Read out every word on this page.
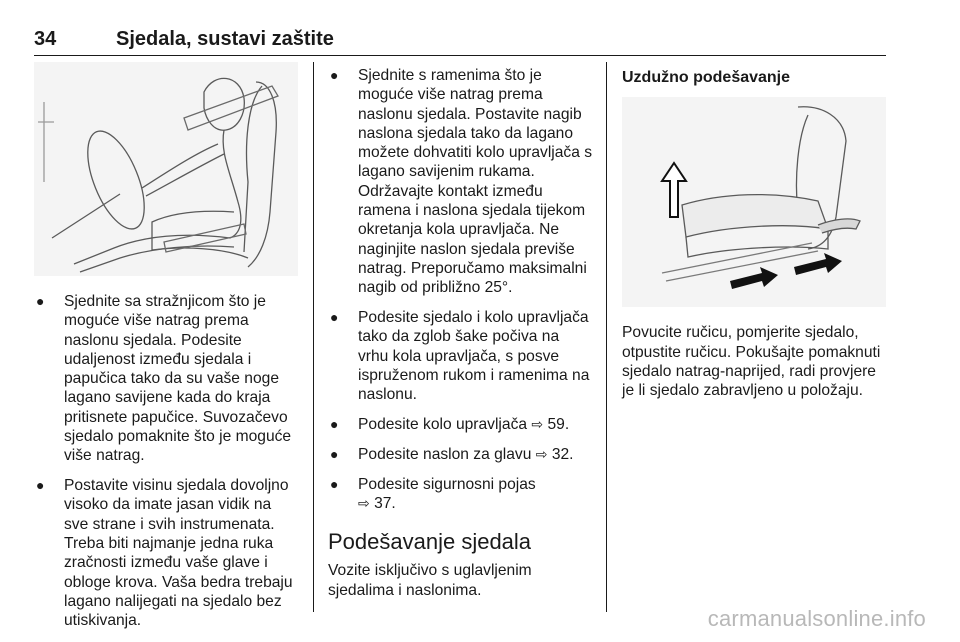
34	Sjedala, sustavi zaštite
● Sjednite sa stražnjicom što je moguće više natrag prema naslonu sjedala. Podesite udaljenost između sjedala i papučica tako da su vaše noge lagano savijene kada do kraja pritisnete papučice. Suvozačevo sjedalo pomaknite što je moguće više natrag.
● Postavite visinu sjedala dovoljno visoko da imate jasan vidik na sve strane i svih instrumenata. Treba biti najmanje jedna ruka zračnosti između vaše glave i obloge krova. Vaša bedra trebaju lagano nalijegati na sjedalo bez utiskivanja.
● Sjednite s ramenima što je moguće više natrag prema naslonu sjedala. Postavite nagib naslona sjedala tako da lagano možete dohvatiti kolo upravljača s lagano savijenim rukama. Održavajte kontakt između ramena i naslona sjedala tijekom okretanja kola upravljača. Ne naginjite naslon sjedala previše natrag. Preporučamo maksimalni nagib od približno 25°.
● Podesite sjedalo i kolo upravljača tako da zglob šake počiva na vrhu kola upravljača, s posve ispruženom rukom i ramenima na naslonu.
● Podesite kolo upravljača ⇨ 59.
● Podesite naslon za glavu ⇨ 32.
● Podesite sigurnosni pojas
⇨ 37.
Podešavanje sjedala

Vozite isključivo s uglavljenim sjedalima i naslonima.

Uzdužno podešavanje

Povucite ručicu, pomjerite sjedalo, otpustite ručicu. Pokušajte pomaknuti sjedalo natrag-naprijed, radi provjere je li sjedalo zabravljeno u položaju.

carmanualsonline.info
